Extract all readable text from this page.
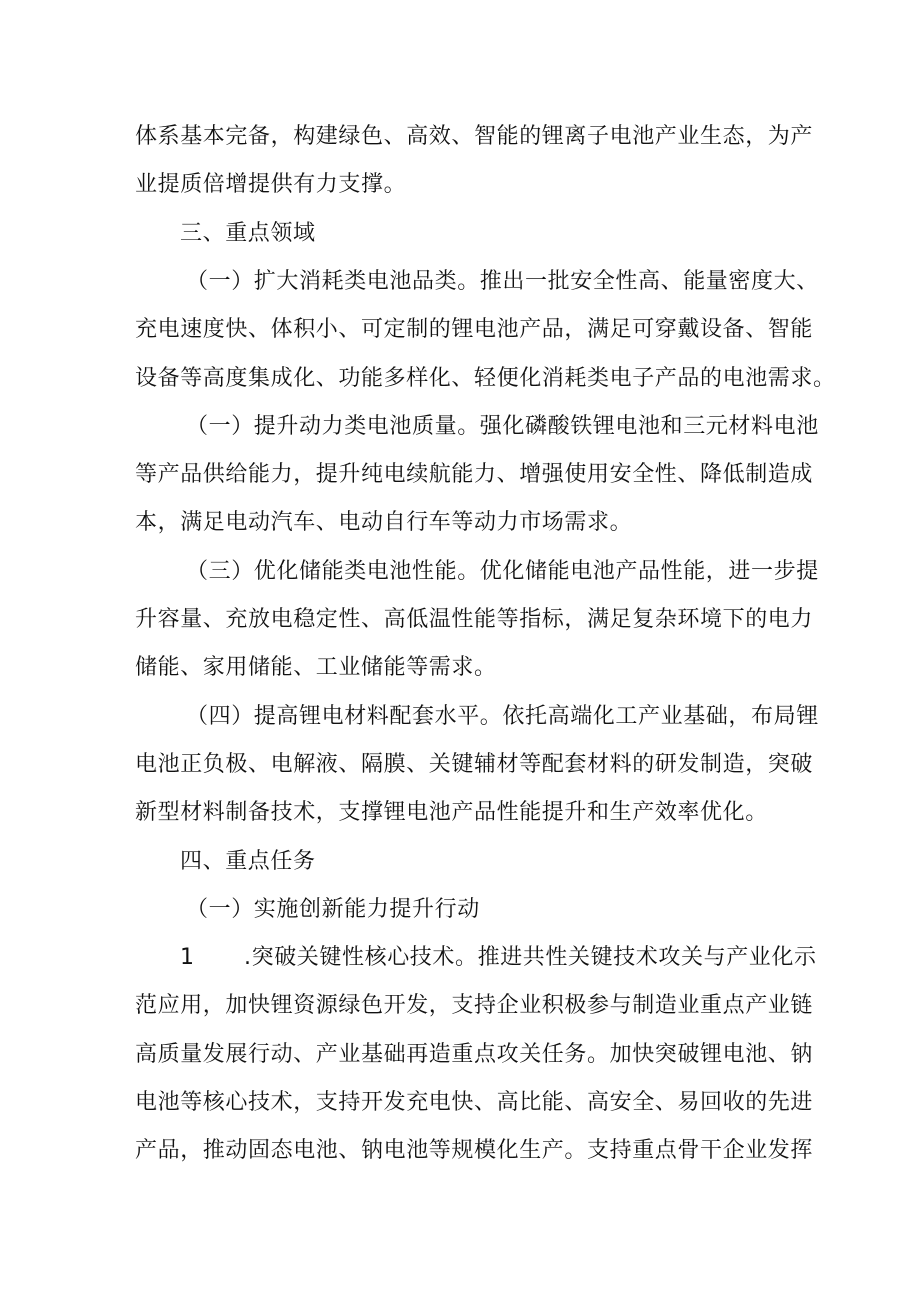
体系基本完备，构建绿色、高效、智能的锂离子电池产业生态，为产
业提质倍增提供有力支撑。
三、重点领域
（一）扩大消耗类电池品类。推出一批安全性高、能量密度大、
充电速度快、体积小、可定制的锂电池产品，满足可穿戴设备、智能
设备等高度集成化、功能多样化、轻便化消耗类电子产品的电池需求。
（一）提升动力类电池质量。强化磷酸铁锂电池和三元材料电池
等产品供给能力，提升纯电续航能力、增强使用安全性、降低制造成
本，满足电动汽车、电动自行车等动力市场需求。
（三）优化储能类电池性能。优化储能电池产品性能，进一步提
升容量、充放电稳定性、高低温性能等指标，满足复杂环境下的电力
储能、家用储能、工业储能等需求。
（四）提高锂电材料配套水平。依托高端化工产业基础，布局锂
电池正负极、电解液、隔膜、关键辅材等配套材料的研发制造，突破
新型材料制备技术，支撑锂电池产品性能提升和生产效率优化。
四、重点任务
（一）实施创新能力提升行动
1 .突破关键性核心技术。推进共性关键技术攻关与产业化示
范应用，加快锂资源绿色开发，支持企业积极参与制造业重点产业链
高质量发展行动、产业基础再造重点攻关任务。加快突破锂电池、钠
电池等核心技术，支持开发充电快、高比能、高安全、易回收的先进
产品，推动固态电池、钠电池等规模化生产。支持重点骨干企业发挥
